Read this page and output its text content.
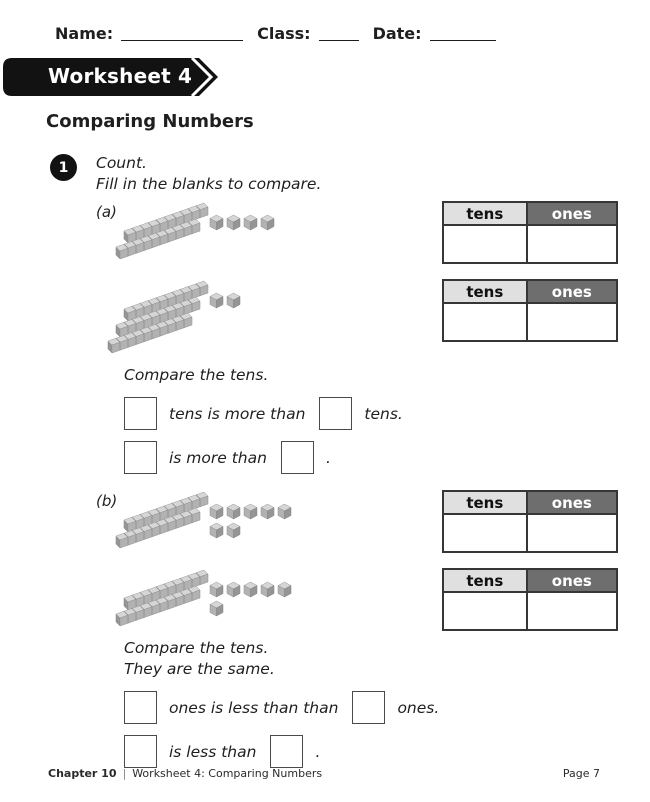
Name:	Class:	Date:
Worksheet 4
Comparing Numbers
1	Count.
Fill in the blanks to compare.
(a)	tens	ones

tens	ones

Compare the tens.
tens is more than	tens.
is more than	.
(b)	tens	ones

tens	ones

Compare the tens.
They are the same.
ones is less than than	ones.
is less than	.
Chapter 10 | Worksheet 4: Comparing Numbers	Page 7
